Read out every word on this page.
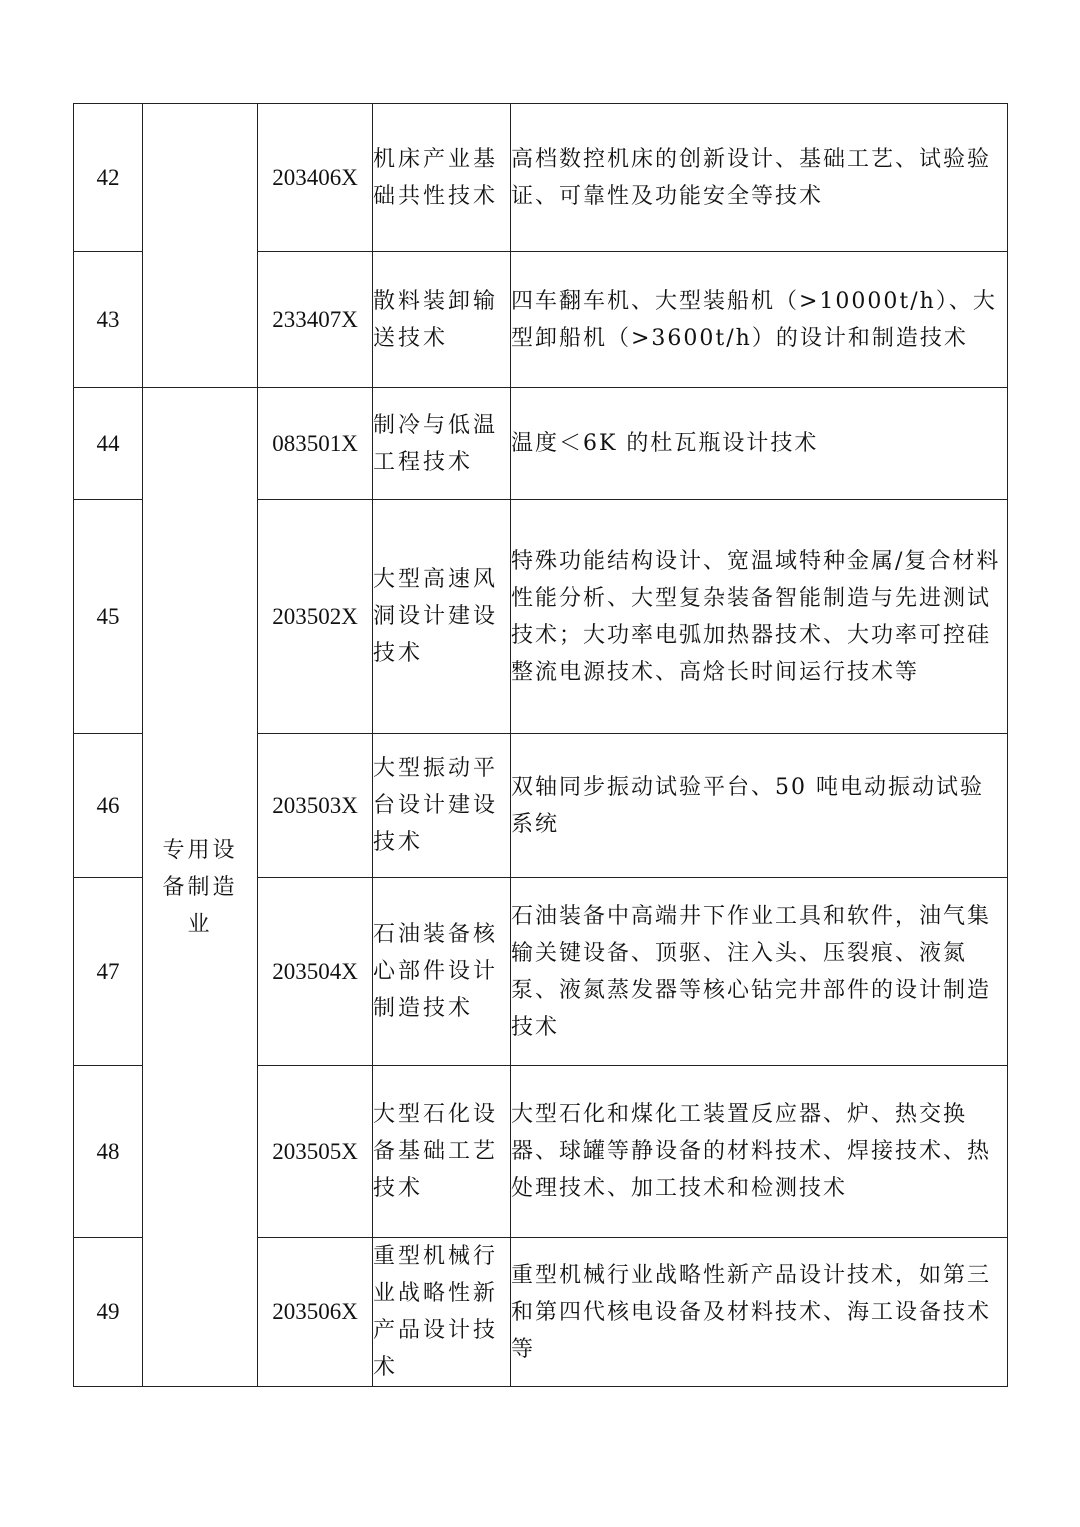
42		203406X	机床产业基础共性技术	高档数控机床的创新设计、基础工艺、试验验证、可靠性及功能安全等技术
43		233407X	散料装卸输送技术	四车翻车机、大型装船机（>10000t/h）、大型卸船机（>3600t/h）的设计和制造技术
44	专用设备制造业	083501X	制冷与低温工程技术	温度＜6K 的杜瓦瓶设计技术
45		203502X	大型高速风洞设计建设技术	特殊功能结构设计、宽温域特种金属/复合材料性能分析、大型复杂装备智能制造与先进测试技术；大功率电弧加热器技术、大功率可控硅整流电源技术、高焓长时间运行技术等
46		203503X	大型振动平台设计建设技术	双轴同步振动试验平台、50 吨电动振动试验系统
47		203504X	石油装备核心部件设计制造技术	石油装备中高端井下作业工具和软件，油气集输关键设备、顶驱、注入头、压裂痕、液氮泵、液氮蒸发器等核心钻完井部件的设计制造技术
48		203505X	大型石化设备基础工艺技术	大型石化和煤化工装置反应器、炉、热交换器、球罐等静设备的材料技术、焊接技术、热处理技术、加工技术和检测技术
49		203506X	重型机械行业战略性新产品设计技术	重型机械行业战略性新产品设计技术，如第三和第四代核电设备及材料技术、海工设备技术等
